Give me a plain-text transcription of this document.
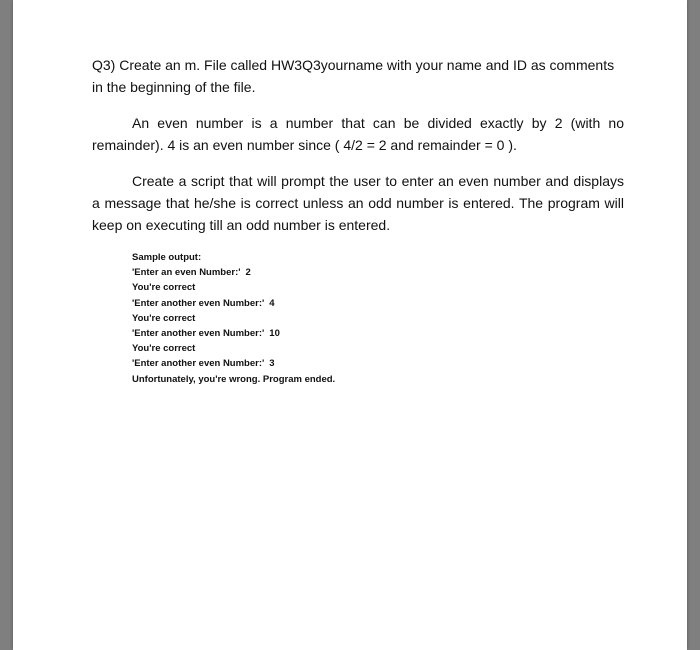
Q3) Create an m. File called HW3Q3yourname with your name and ID as comments
in the beginning of the file.

An even number is a number that can be divided exactly by 2 (with no remainder). 4 is an even number since ( 4/2 = 2 and remainder = 0 ).

Create a script that will prompt the user to enter an even number and displays a message that he/she is correct unless an odd number is entered. The program will keep on executing till an odd number is entered.

Sample output:
'Enter an even Number:' 2
You're correct
'Enter another even Number:' 4
You're correct
'Enter another even Number:' 10
You're correct
'Enter another even Number:' 3
Unfortunately, you're wrong. Program ended.
